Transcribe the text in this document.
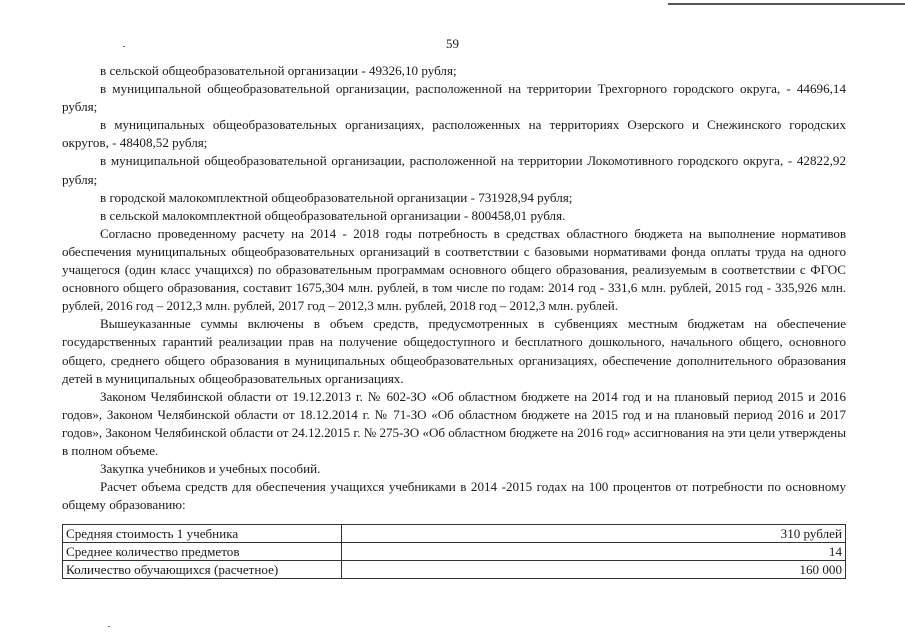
59

в сельской общеобразовательной организации - 49326,10 рубля;

в муниципальной общеобразовательной организации, расположенной на территории Трехгорного городского округа, - 44696,14 рубля;

в муниципальных общеобразовательных организациях, расположенных на территориях Озерского и Снежинского городских округов, - 48408,52 рубля;

в муниципальной общеобразовательной организации, расположенной на территории Локомотивного городского округа, - 42822,92 рубля;

в городской малокомплектной общеобразовательной организации - 731928,94 рубля;

в сельской малокомплектной общеобразовательной организации - 800458,01 рубля.

Согласно проведенному расчету на 2014 - 2018 годы потребность в средствах областного бюджета на выполнение нормативов обеспечения муниципальных общеобразовательных организаций в соответствии с базовыми нормативами фонда оплаты труда на одного учащегося (один класс учащихся) по образовательным программам основного общего образования, реализуемым в соответствии с ФГОС основного общего образования, составит 1675,304 млн. рублей, в том числе по годам: 2014 год - 331,6 млн. рублей, 2015 год - 335,926 млн. рублей, 2016 год – 2012,3 млн. рублей, 2017 год – 2012,3 млн. рублей, 2018 год – 2012,3 млн. рублей.

Вышеуказанные суммы включены в объем средств, предусмотренных в субвенциях местным бюджетам на обеспечение государственных гарантий реализации прав на получение общедоступного и бесплатного дошкольного, начального общего, основного общего, среднего общего образования в муниципальных общеобразовательных организациях, обеспечение дополнительного образования детей в муниципальных общеобразовательных организациях.

Законом Челябинской области от 19.12.2013 г. № 602-ЗО «Об областном бюджете на 2014 год и на плановый период 2015 и 2016 годов», Законом Челябинской области от 18.12.2014 г. № 71-ЗО «Об областном бюджете на 2015 год и на плановый период 2016 и 2017 годов», Законом Челябинской области от 24.12.2015 г. № 275-ЗО «Об областном бюджете на 2016 год» ассигнования на эти цели утверждены в полном объеме.

Закупка учебников и учебных пособий.

Расчет объема средств для обеспечения учащихся учебниками в 2014 -2015 годах на 100 процентов от потребности по основному общему образованию:

Средняя стоимость 1 учебника	310 рублей
Среднее количество предметов	14
Количество обучающихся (расчетное)	160 000
